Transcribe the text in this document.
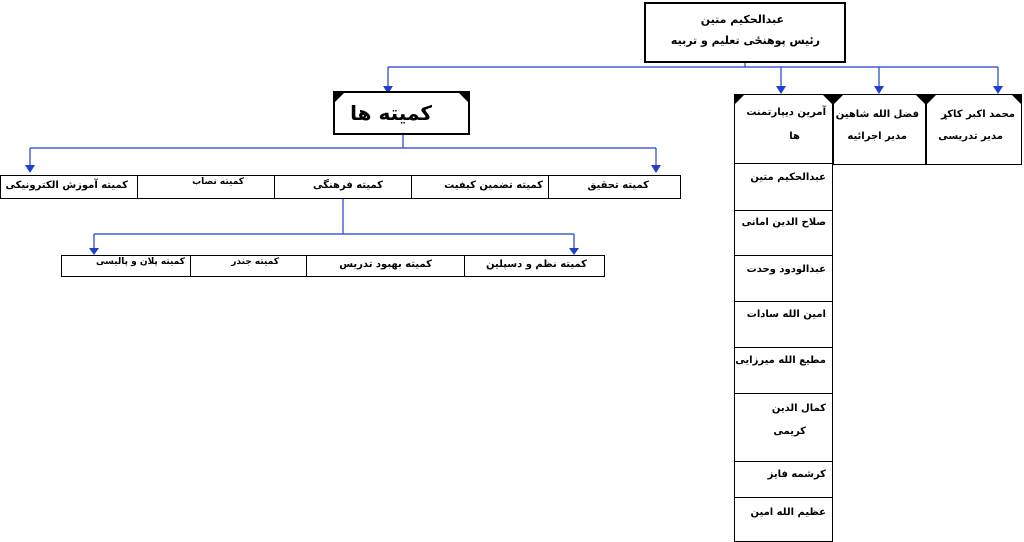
عبدالحکیم متین
رئیس پوهنځی تعلیم و تربیه
کمیته ها	آمرین دیپارتمنت
ها
عبدالحکیم متین
صلاح الدین امانی
عبدالودود وحدت
امین الله سادات
مطیع الله میرزایی
کمال الدین
کریمی
کرشمه فایز
عظیم الله امین
فضل الله شاهین
مدیر اجرائیه
محمد اکبر کاکړ
مدیر تدریسی
کمیته تحقیق
کمیته تضمین کیفیت
کمیته فرهنگی
کمیته نصاب
کمیته آموزش الکترونیکی
کمیته نظم و دسپلین
کمیته بهبود تدریس
کمیته جندر
کمیته پلان و پالیسی
